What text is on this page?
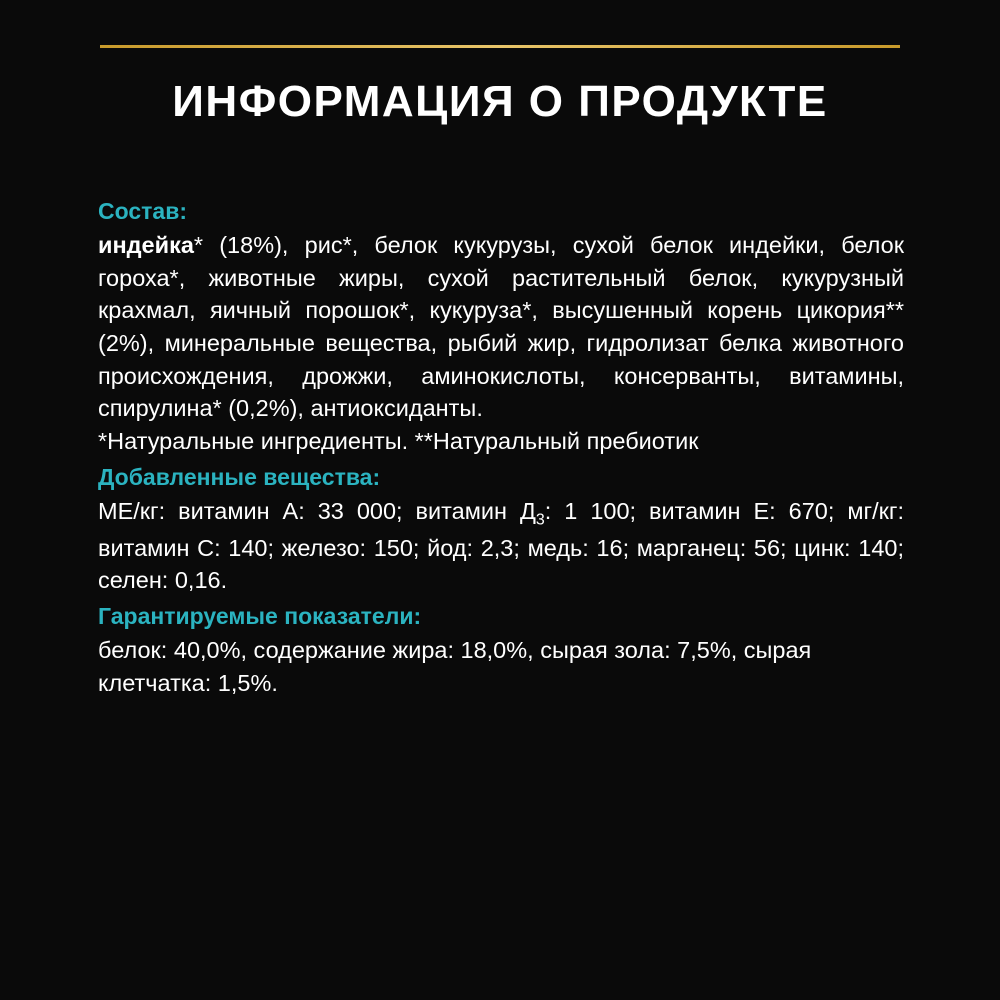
ИНФОРМАЦИЯ О ПРОДУКТЕ
Состав:

индейка* (18%), рис*, белок кукурузы, сухой белок индейки, белок гороха*, животные жиры, сухой растительный белок, кукурузный крахмал, яичный порошок*, кукуруза*, высушенный корень цикория** (2%), минеральные вещества, рыбий жир, гидролизат белка животного происхождения, дрожжи, аминокислоты, консерванты, витамины, спирулина* (0,2%), антиоксиданты.

*Натуральные ингредиенты. **Натуральный пребиотик

Добавленные вещества:

МЕ/кг: витамин А: 33 000; витамин $Д_3$: 1 100; витамин Е: 670; мг/кг: витамин С: 140; железо: 150; йод: 2,3; медь: 16; марганец: 56; цинк: 140; селен: 0,16.

Гарантируемые показатели:

белок: 40,0%, содержание жира: 18,0%, сырая зола: 7,5%, сырая клетчатка: 1,5%.
